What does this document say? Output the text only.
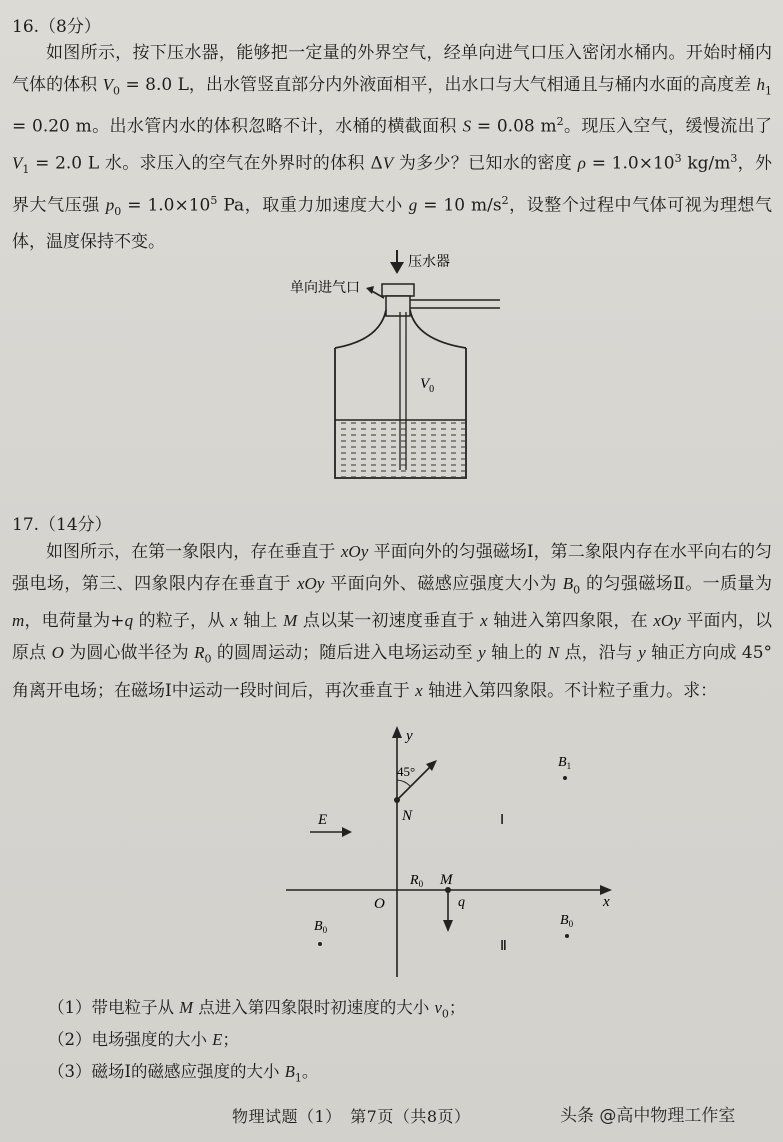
16.（8分）
如图所示，按下压水器，能够把一定量的外界空气，经单向进气口压入密闭水桶内。开始时桶内气体的体积 $V_0 = 8.0$ L，出水管竖直部分内外液面相平，出水口与大气相通且与桶内水面的高度差 $h_1 = 0.20$ m。出水管内水的体积忽略不计，水桶的横截面积 S = 0.08 $m^2$。现压入空气，缓慢流出了 $V_1 = 2.0$ L 水。求压入的空气在外界时的体积 ΔV 为多少？已知水的密度 $\rho = 1.0\times 10^3$ $kg/m^3$，外界大气压强 $p_0 = 1.0\times 10^5$ Pa，取重力加速度大小 g = 10 $m/s^2$，设整个过程中气体可视为理想气体，温度保持不变。
压水器
单向进气口
$V_0$
17.（14分）
如图所示，在第一象限内，存在垂直于 xOy 平面向外的匀强磁场Ⅰ，第二象限内存在水平向右的匀强电场，第三、四象限内存在垂直于 xOy 平面向外、磁感应强度大小为 $B_0$ 的匀强磁场Ⅱ。一质量为 m，电荷量为+q 的粒子，从 x 轴上 M 点以某一初速度垂直于 x 轴进入第四象限，在 xOy 平面内，以原点 O 为圆心做半径为 $R_0$ 的圆周运动；随后进入电场运动至 y 轴上的 N 点，沿与 y 轴正方向成 45° 角离开电场；在磁场Ⅰ中运动一段时间后，再次垂直于 x 轴进入第四象限。不计粒子重力。求：
y
x
O
N
45°
E
M
$R_0$
q
Ⅰ
Ⅱ
$B_1$
$B_0$
$B_0$
（1）带电粒子从 M 点进入第四象限时初速度的大小 $v_0$；
（2）电场强度的大小 E；
（3）磁场Ⅰ的磁感应强度的大小 $B_1$。
物理试题（1）　第7页（共8页）	头条 @高中物理工作室
